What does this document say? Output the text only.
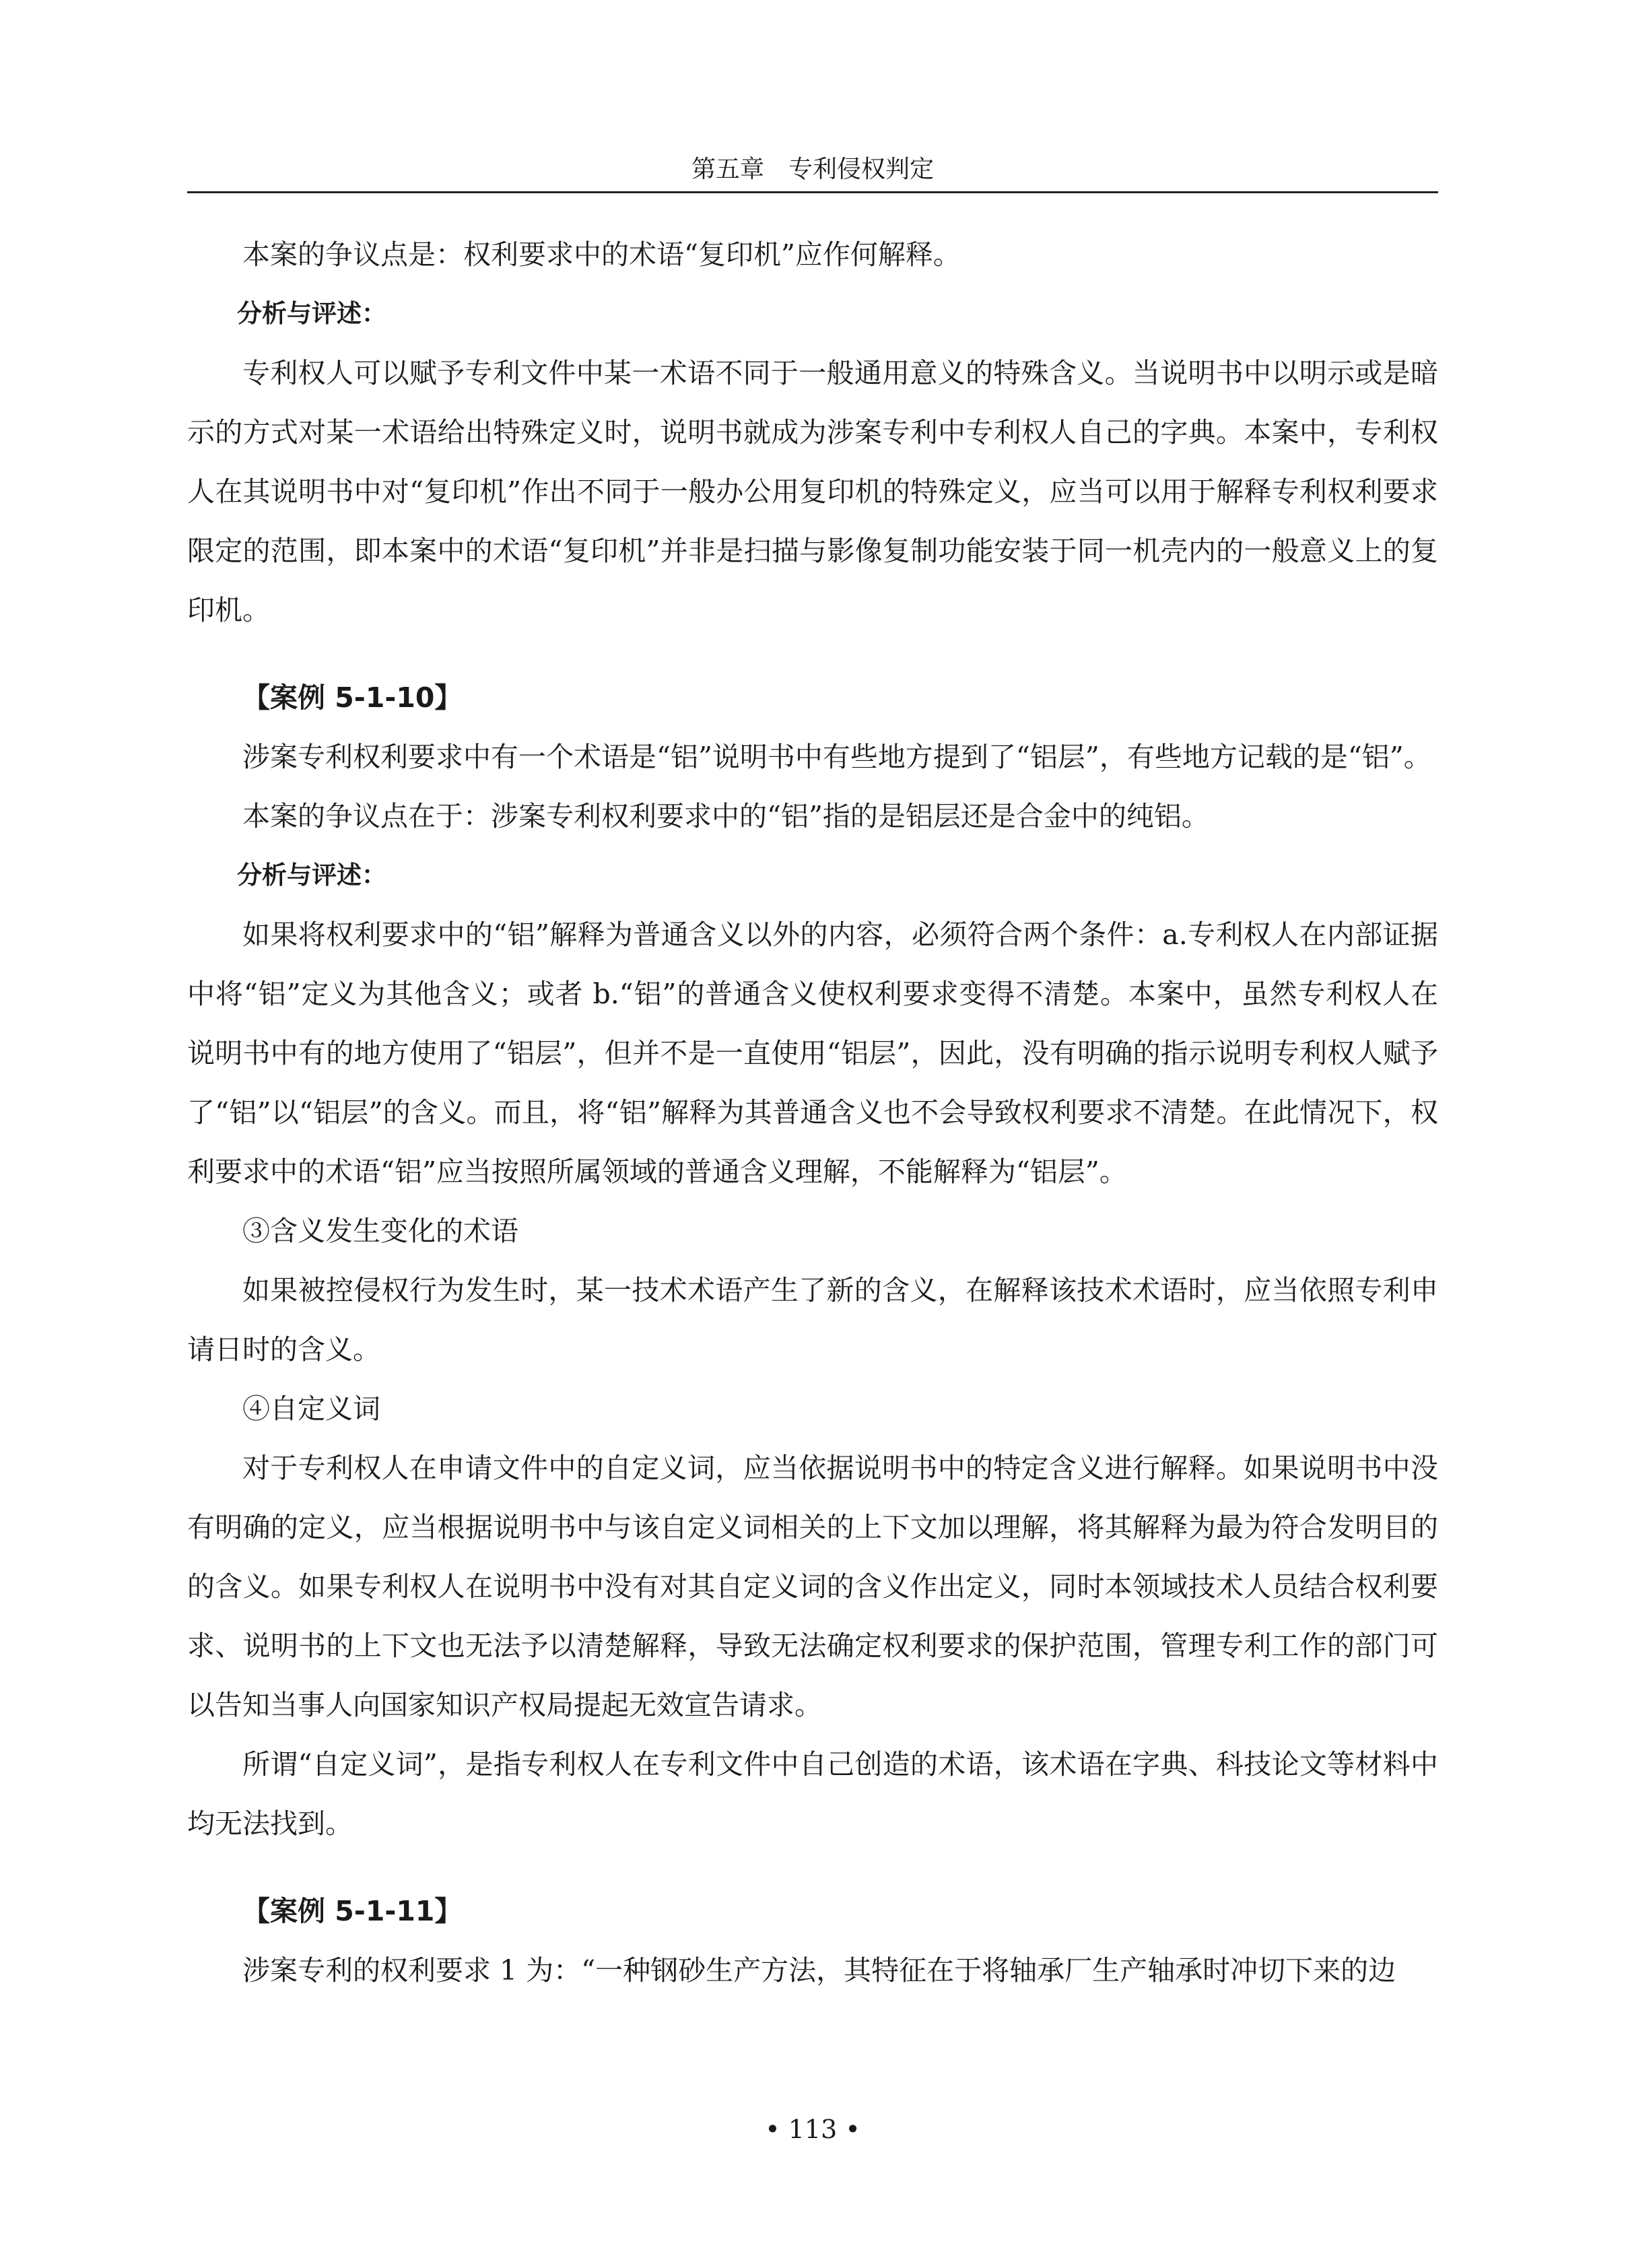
第五章　专利侵权判定

本案的争议点是：权利要求中的术语“复印机”应作何解释。

分析与评述：

专利权人可以赋予专利文件中某一术语不同于一般通用意义的特殊含义。当说明书中以明示或是暗示的方式对某一术语给出特殊定义时，说明书就成为涉案专利中专利权人自己的字典。本案中，专利权人在其说明书中对“复印机”作出不同于一般办公用复印机的特殊定义，应当可以用于解释专利权利要求限定的范围，即本案中的术语“复印机”并非是扫描与影像复制功能安装于同一机壳内的一般意义上的复印机。

【案例 5-1-10】

涉案专利权利要求中有一个术语是“铝”说明书中有些地方提到了“铝层”，有些地方记载的是“铝”。

本案的争议点在于：涉案专利权利要求中的“铝”指的是铝层还是合金中的纯铝。

分析与评述：

如果将权利要求中的“铝”解释为普通含义以外的内容，必须符合两个条件：a.专利权人在内部证据中将“铝”定义为其他含义；或者 b.“铝”的普通含义使权利要求变得不清楚。本案中，虽然专利权人在说明书中有的地方使用了“铝层”，但并不是一直使用“铝层”，因此，没有明确的指示说明专利权人赋予了“铝”以“铝层”的含义。而且，将“铝”解释为其普通含义也不会导致权利要求不清楚。在此情况下，权利要求中的术语“铝”应当按照所属领域的普通含义理解，不能解释为“铝层”。

③含义发生变化的术语

如果被控侵权行为发生时，某一技术术语产生了新的含义，在解释该技术术语时，应当依照专利申请日时的含义。

④自定义词

对于专利权人在申请文件中的自定义词，应当依据说明书中的特定含义进行解释。如果说明书中没有明确的定义，应当根据说明书中与该自定义词相关的上下文加以理解，将其解释为最为符合发明目的的含义。如果专利权人在说明书中没有对其自定义词的含义作出定义，同时本领域技术人员结合权利要求、说明书的上下文也无法予以清楚解释，导致无法确定权利要求的保护范围，管理专利工作的部门可以告知当事人向国家知识产权局提起无效宣告请求。

所谓“自定义词”，是指专利权人在专利文件中自己创造的术语，该术语在字典、科技论文等材料中均无法找到。

【案例 5-1-11】

涉案专利的权利要求 1 为：“一种钢砂生产方法，其特征在于将轴承厂生产轴承时冲切下来的边

• 113 •
